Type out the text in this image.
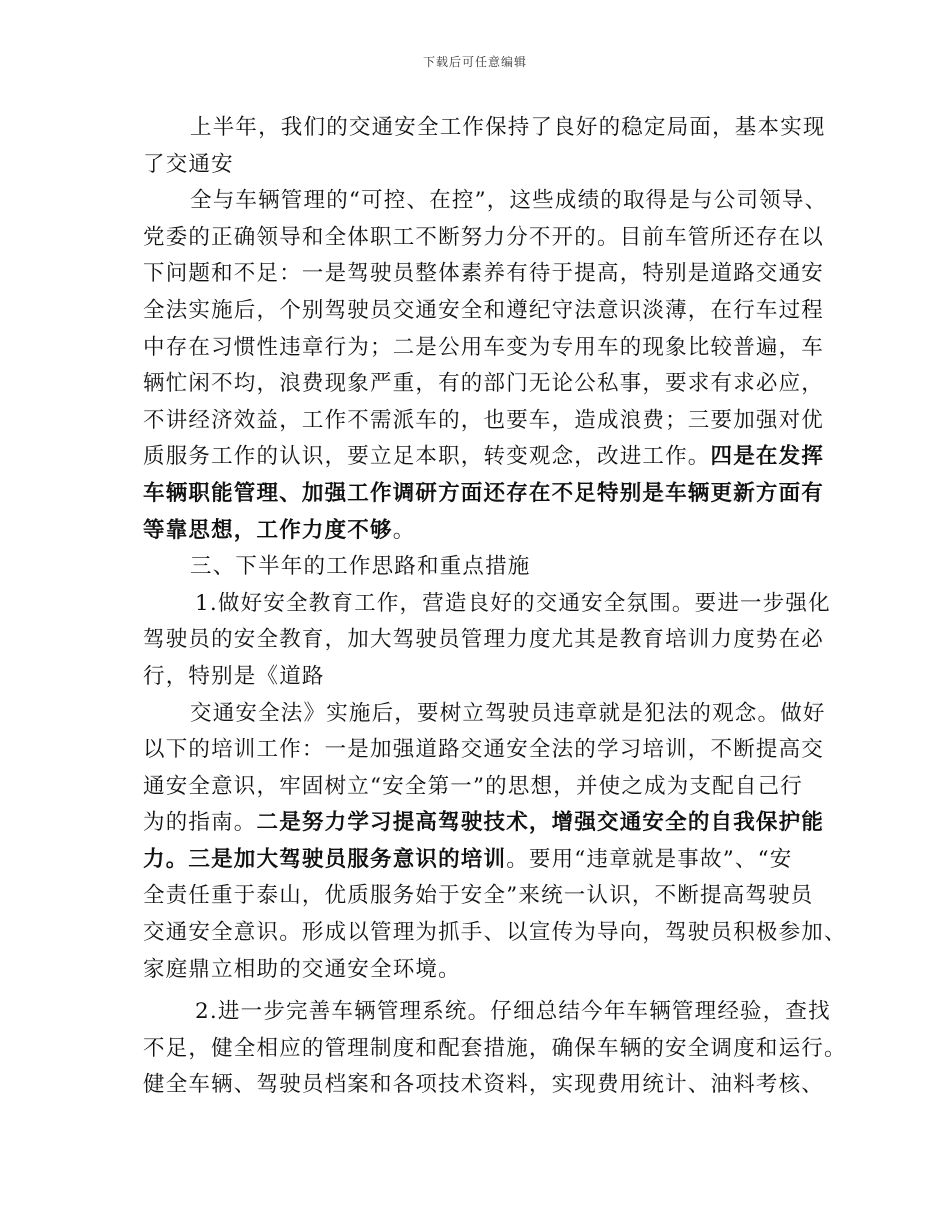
下载后可任意编辑
上半年，我们的交通安全工作保持了良好的稳定局面，基本实现
了交通安
全与车辆管理的“可控、在控”，这些成绩的取得是与公司领导、
党委的正确领导和全体职工不断努力分不开的。目前车管所还存在以
下问题和不足：一是驾驶员整体素养有待于提高，特别是道路交通安
全法实施后，个别驾驶员交通安全和遵纪守法意识淡薄，在行车过程
中存在习惯性违章行为；二是公用车变为专用车的现象比较普遍，车
辆忙闲不均，浪费现象严重，有的部门无论公私事，要求有求必应，
不讲经济效益，工作不需派车的，也要车，造成浪费；三要加强对优
质服务工作的认识，要立足本职，转变观念，改进工作。四是在发挥
车辆职能管理、加强工作调研方面还存在不足特别是车辆更新方面有
等靠思想，工作力度不够。
三、下半年的工作思路和重点措施
1.做好安全教育工作，营造良好的交通安全氛围。要进一步强化
驾驶员的安全教育，加大驾驶员管理力度尤其是教育培训力度势在必
行，特别是《道路
交通安全法》实施后，要树立驾驶员违章就是犯法的观念。做好
以下的培训工作：一是加强道路交通安全法的学习培训，不断提高交
通安全意识，牢固树立“安全第一”的思想，并使之成为支配自己行
为的指南。二是努力学习提高驾驶技术，增强交通安全的自我保护能
力。三是加大驾驶员服务意识的培训。要用“违章就是事故”、“安
全责任重于泰山，优质服务始于安全”来统一认识，不断提高驾驶员
交通安全意识。形成以管理为抓手、以宣传为导向，驾驶员积极参加、
家庭鼎立相助的交通安全环境。
2.进一步完善车辆管理系统。仔细总结今年车辆管理经验，查找
不足，健全相应的管理制度和配套措施，确保车辆的安全调度和运行。
健全车辆、驾驶员档案和各项技术资料，实现费用统计、油料考核、
